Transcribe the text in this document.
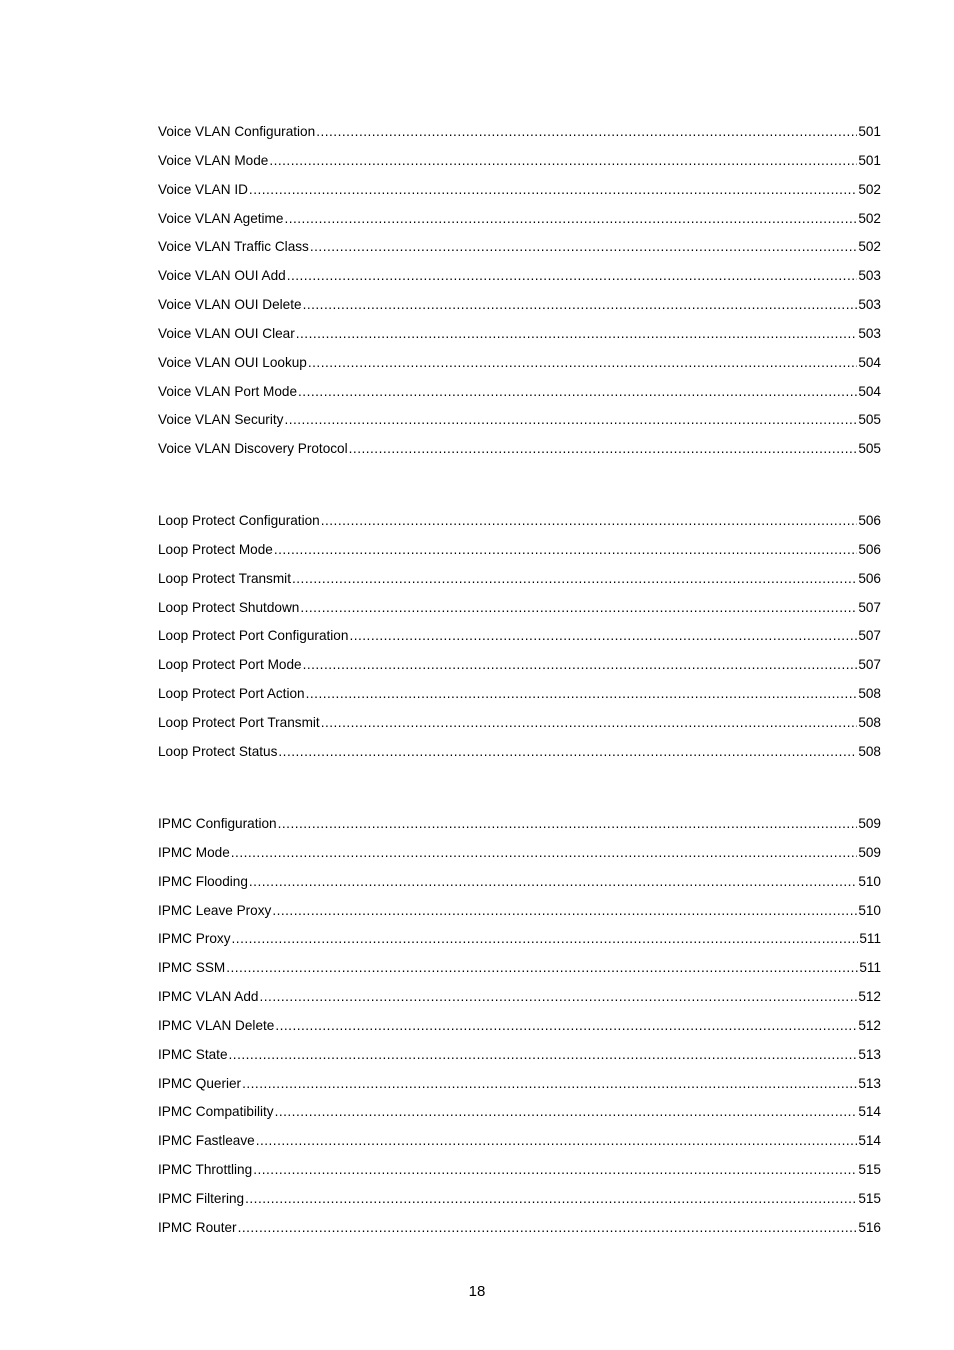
Voice VLAN Configuration .....	501
Voice VLAN Mode .....	501
Voice VLAN ID .....	502
Voice VLAN Agetime .....	502
Voice VLAN Traffic Class .....	502
Voice VLAN OUI Add .....	503
Voice VLAN OUI Delete .....	503
Voice VLAN OUI Clear .....	503
Voice VLAN OUI Lookup .....	504
Voice VLAN Port Mode .....	504
Voice VLAN Security .....	505
Voice VLAN Discovery Protocol .....	505
Loop Protect Configuration .....	506
Loop Protect Mode .....	506
Loop Protect Transmit .....	506
Loop Protect Shutdown .....	507
Loop Protect Port Configuration .....	507
Loop Protect Port Mode .....	507
Loop Protect Port Action .....	508
Loop Protect Port Transmit .....	508
Loop Protect Status .....	508
IPMC Configuration .....	509
IPMC Mode .....	509
IPMC Flooding .....	510
IPMC Leave Proxy .....	510
IPMC Proxy .....	511
IPMC SSM .....	511
IPMC VLAN Add .....	512
IPMC VLAN Delete .....	512
IPMC State .....	513
IPMC Querier .....	513
IPMC Compatibility .....	514
IPMC Fastleave .....	514
IPMC Throttling .....	515
IPMC Filtering .....	515
IPMC Router .....	516
18
